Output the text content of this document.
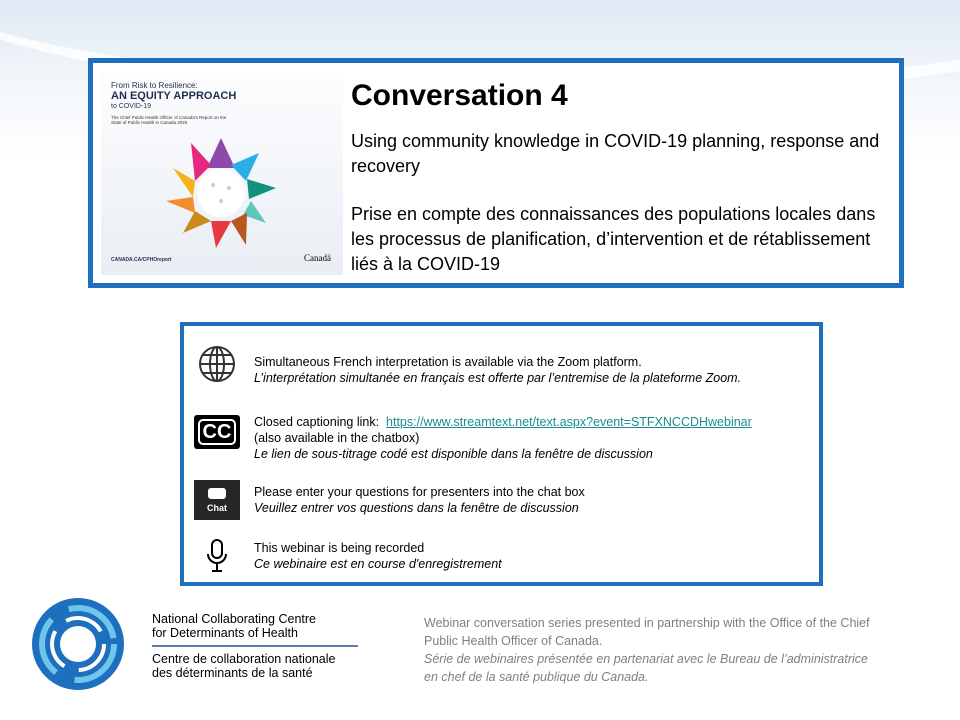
From Risk to Resilience:
AN EQUITY APPROACH
to COVID-19
The Chief Public Health Officer of Canada's Report on the State of Public Health in Canada 2020
CANADA.CA/CPHOreport	Canadä
Conversation 4
Using community knowledge in COVID-19 planning, response and recovery
Prise en compte des connaissances des populations locales dans les processus de planification, d’intervention et de rétablissement liés à la COVID-19
Simultaneous French interpretation is available via the Zoom platform.
L’interprétation simultanée en français est offerte par l’entremise de la plateforme Zoom.
CC	Closed captioning link: https://www.streamtext.net/text.aspx?event=STFXNCCDHwebinar
(also available in the chatbox)
Le lien de sous-titrage codé est disponible dans la fenêtre de discussion
Chat
Please enter your questions for presenters into the chat box
Veuillez entrer vos questions dans la fenêtre de discussion
This webinar is being recorded
Ce webinaire est en course d'enregistrement
National Collaborating Centre
for Determinants of Health
Centre de collaboration nationale
des déterminants de la santé
Webinar conversation series presented in partnership with the Office of the Chief Public Health Officer of Canada.
Série de webinaires présentée en partenariat avec le Bureau de l’administratrice en chef de la santé publique du Canada.
